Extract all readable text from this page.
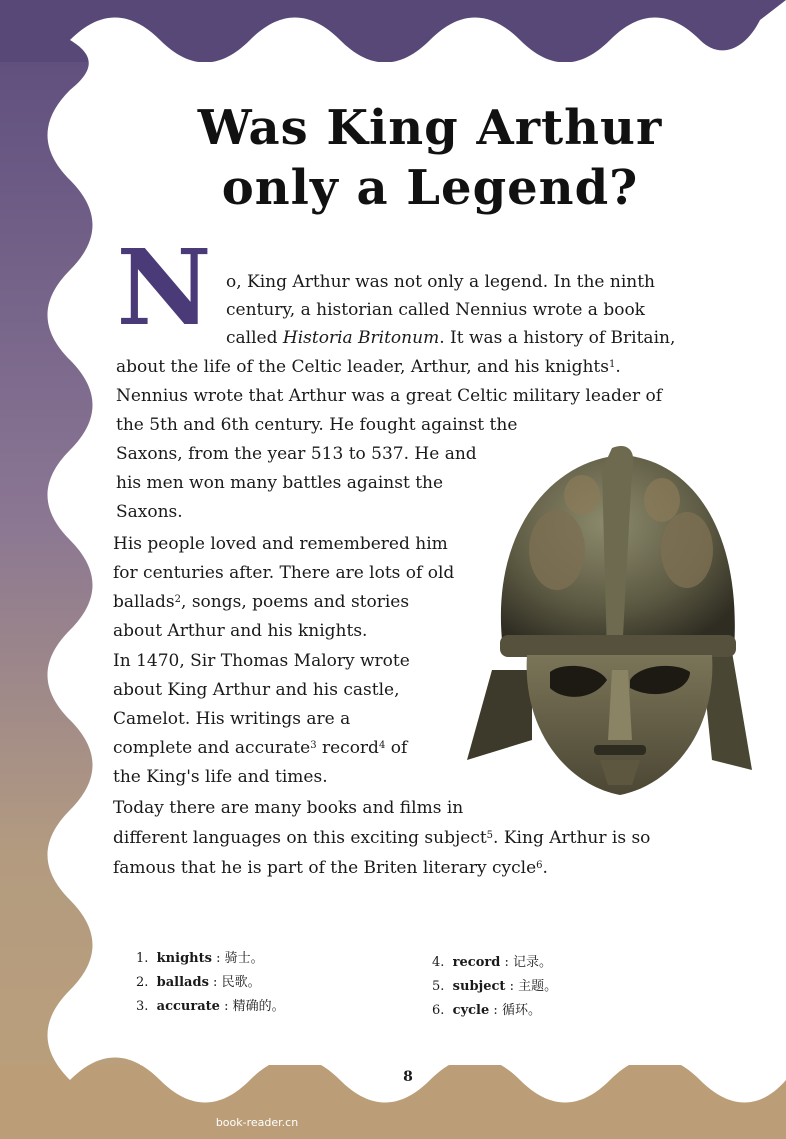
Was King Arthur
only a Legend?
N o, King Arthur was not only a legend. In the ninth
century, a historian called Nennius wrote a book
called Historia Britonum. It was a history of Britain,
about the life of the Celtic leader, Arthur, and his knights$^1$.
Nennius wrote that Arthur was a great Celtic military leader of
the 5th and 6th century. He fought against the
Saxons, from the year 513 to 537. He and
his men won many battles against the
Saxons.
His people loved and remembered him
for centuries after. There are lots of old
ballads$^2$, songs, poems and stories
about Arthur and his knights.
In 1470, Sir Thomas Malory wrote
about King Arthur and his castle,
Camelot. His writings are a
complete and accurate$^3$ record$^4$ of
the King's life and times.
Today there are many books and films in
different languages on this exciting subject$^5$. King Arthur is so
famous that he is part of the Briten literary cycle$^6$.
1. knights : 骑士。
2. ballads : 民歌。
3. accurate : 精确的。
4. record : 记录。
5. subject : 主题。
6. cycle : 循环。
8
book-reader.cn
